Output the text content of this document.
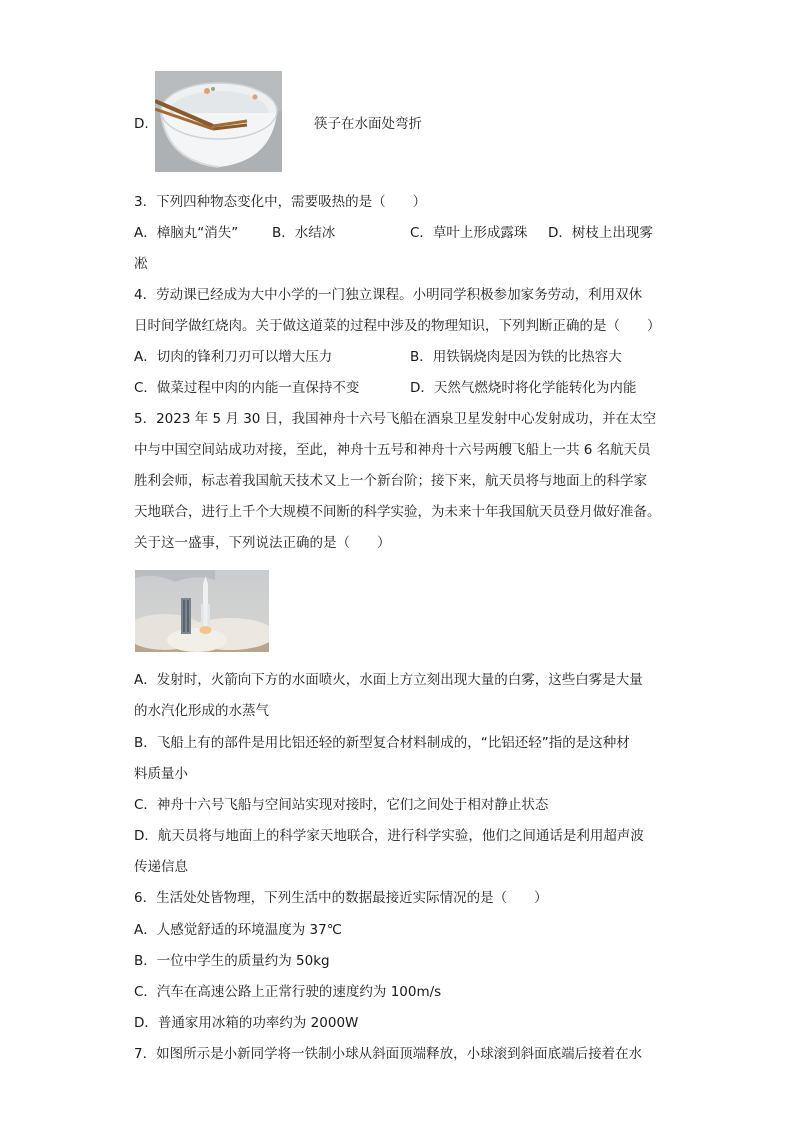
D.	筷子在水面处弯折
3．下列四种物态变化中，需要吸热的是（　　）
A．樟脑丸“消失”	B．水结冰	C．草叶上形成露珠 D．树枝上出现雾
凇
4．劳动课已经成为大中小学的一门独立课程。小明同学积极参加家务劳动，利用双休
日时间学做红烧肉。关于做这道菜的过程中涉及的物理知识，下列判断正确的是（　　）
A．切肉的锋利刀刃可以增大压力	B．用铁锅烧肉是因为铁的比热容大
C．做菜过程中肉的内能一直保持不变	D．天然气燃烧时将化学能转化为内能
5．2023 年 5 月 30 日，我国神舟十六号飞船在酒泉卫星发射中心发射成功，并在太空
中与中国空间站成功对接，至此，神舟十五号和神舟十六号两艘飞船上一共 6 名航天员
胜利会师，标志着我国航天技术又上一个新台阶；接下来，航天员将与地面上的科学家
天地联合，进行上千个大规模不间断的科学实验，为未来十年我国航天员登月做好准备。
关于这一盛事，下列说法正确的是（　　）
A．发射时，火箭向下方的水面喷火，水面上方立刻出现大量的白雾，这些白雾是大量
的水汽化形成的水蒸气
B．飞船上有的部件是用比铝还轻的新型复合材料制成的，“比铝还轻”指的是这种材
料质量小
C．神舟十六号飞船与空间站实现对接时，它们之间处于相对静止状态
D．航天员将与地面上的科学家天地联合，进行科学实验，他们之间通话是利用超声波
传递信息
6．生活处处皆物理，下列生活中的数据最接近实际情况的是（　　）
A．人感觉舒适的环境温度为 37℃
B．一位中学生的质量约为 50kg
C．汽车在高速公路上正常行驶的速度约为 100m/s
D．普通家用冰箱的功率约为 2000W
7．如图所示是小新同学将一铁制小球从斜面顶端释放，小球滚到斜面底端后接着在水
